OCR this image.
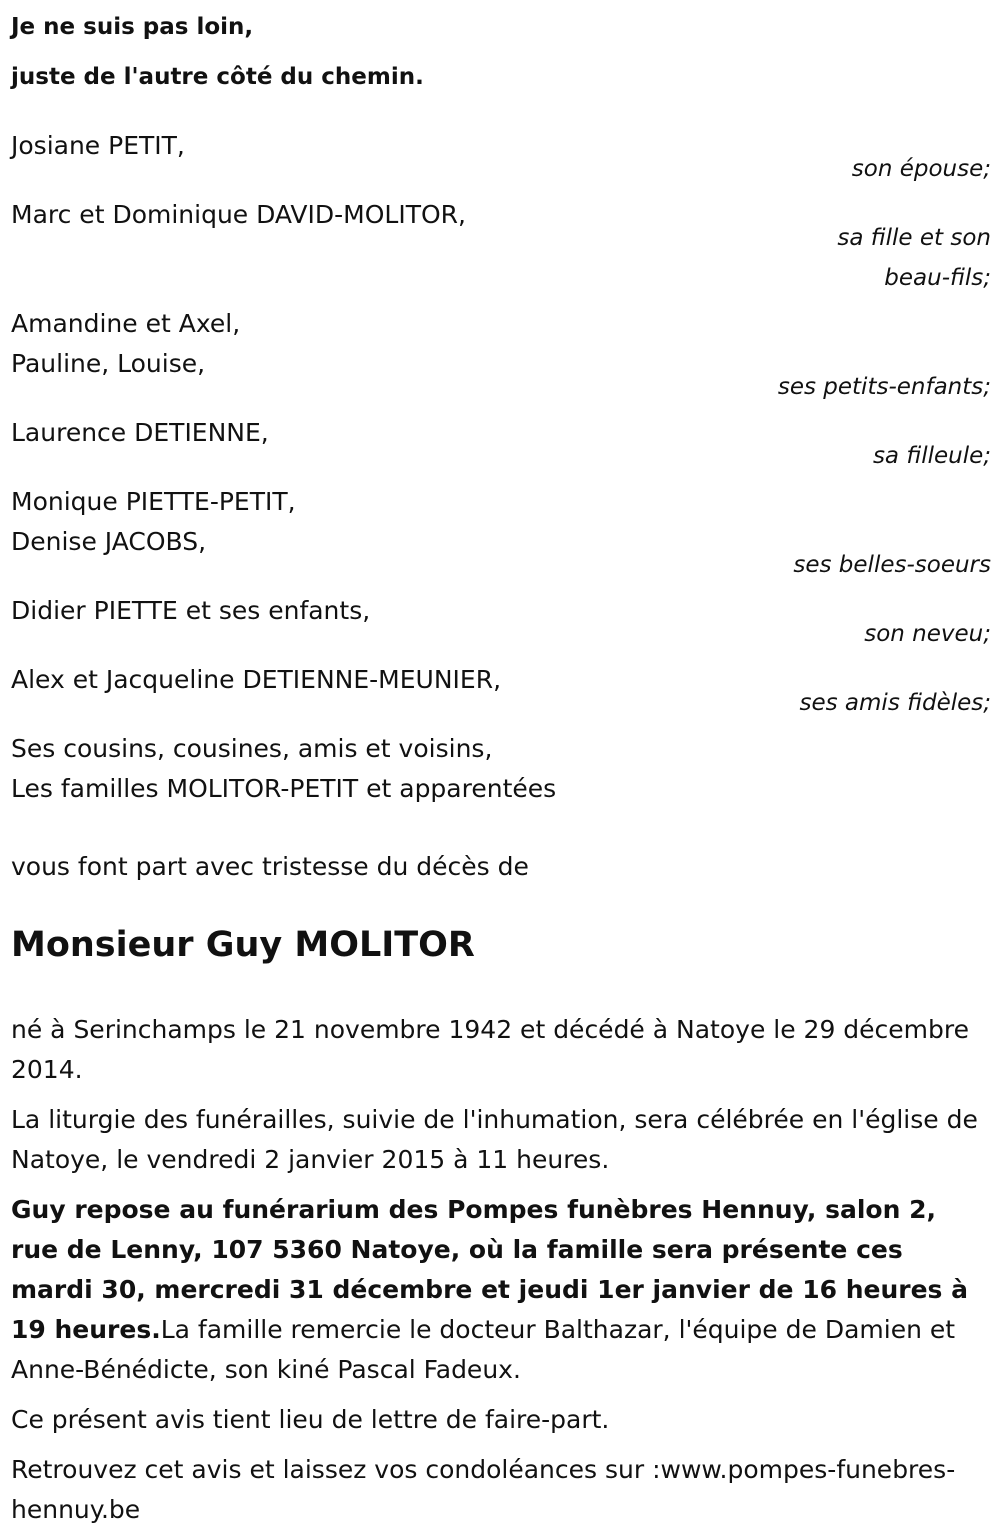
Je ne suis pas loin,
juste de l'autre côté du chemin.
Josiane PETIT,
son épouse;
Marc et Dominique DAVID-MOLITOR,
sa fille et son beau-fils;
Amandine et Axel,
Pauline, Louise,
ses petits-enfants;
Laurence DETIENNE,
sa filleule;
Monique PIETTE-PETIT,
Denise JACOBS,
ses belles-soeurs
Didier PIETTE et ses enfants,
son neveu;
Alex et Jacqueline DETIENNE-MEUNIER,
ses amis fidèles;
Ses cousins, cousines, amis et voisins,
Les familles MOLITOR-PETIT et apparentées
vous font part avec tristesse du décès de
Monsieur Guy MOLITOR
né à Serinchamps le 21 novembre 1942 et décédé à Natoye le 29 décembre 2014.
La liturgie des funérailles, suivie de l'inhumation, sera célébrée en l'église de Natoye, le vendredi 2 janvier 2015 à 11 heures.
Guy repose au funérarium des Pompes funèbres Hennuy, salon 2, rue de Lenny, 107 5360 Natoye, où la famille sera présente ces mardi 30, mercredi 31 décembre et jeudi 1er janvier de 16 heures à 19 heures.La famille remercie le docteur Balthazar, l'équipe de Damien et Anne-Bénédicte, son kiné Pascal Fadeux.
Ce présent avis tient lieu de lettre de faire-part.
Retrouvez cet avis et laissez vos condoléances sur :www.pompes-funebres-hennuy.be
